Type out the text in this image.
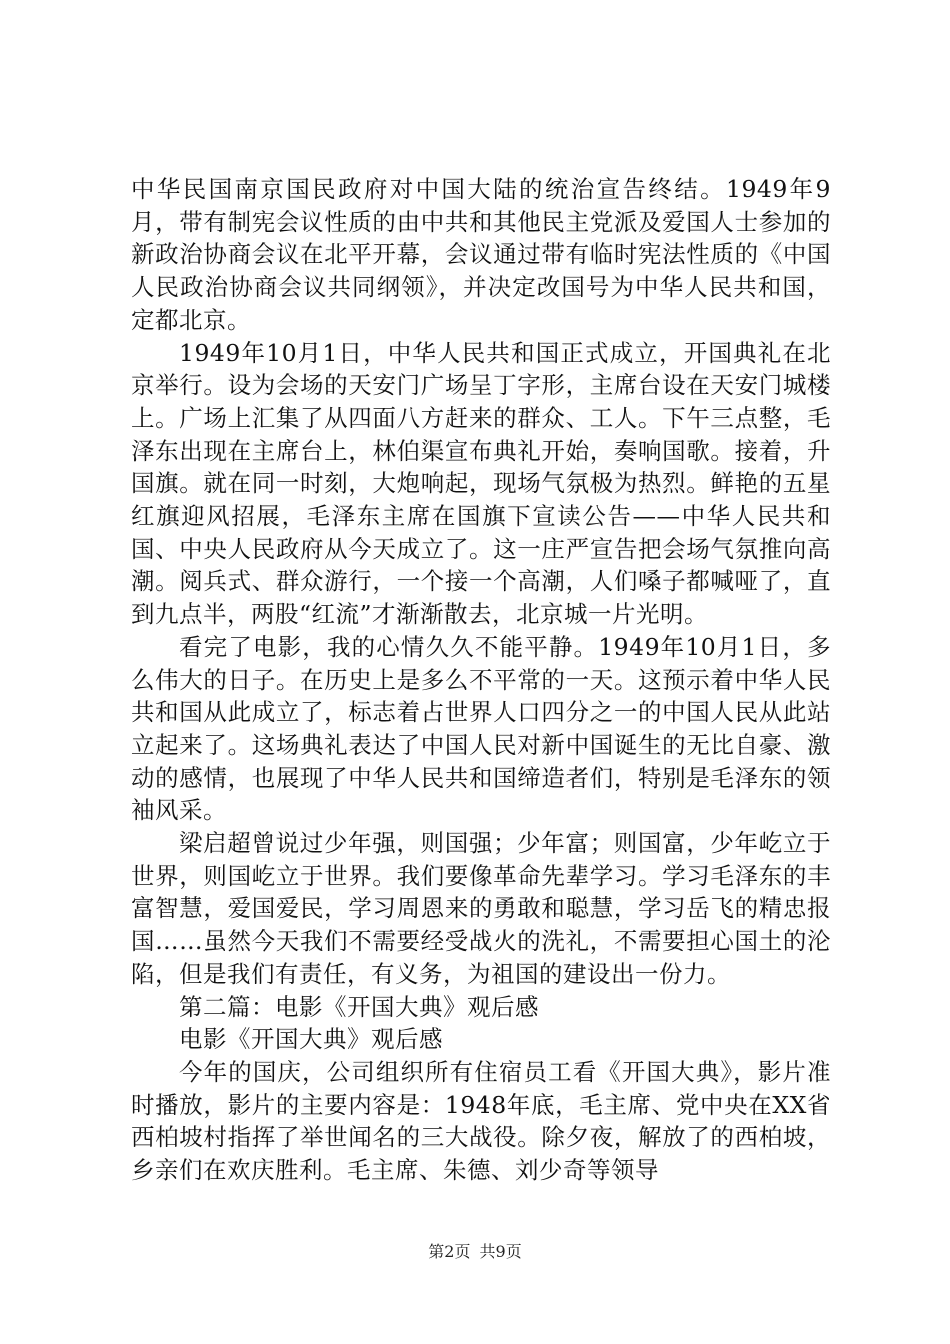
中华民国南京国民政府对中国大陆的统治宣告终结。1949年9月，带有制宪会议性质的由中共和其他民主党派及爱国人士参加的新政治协商会议在北平开幕，会议通过带有临时宪法性质的《中国人民政治协商会议共同纲领》，并决定改国号为中华人民共和国，定都北京。

1949年10月1日，中华人民共和国正式成立，开国典礼在北京举行。设为会场的天安门广场呈丁字形，主席台设在天安门城楼上。广场上汇集了从四面八方赶来的群众、工人。下午三点整，毛泽东出现在主席台上，林伯渠宣布典礼开始，奏响国歌。接着，升国旗。就在同一时刻，大炮响起，现场气氛极为热烈。鲜艳的五星红旗迎风招展，毛泽东主席在国旗下宣读公告——中华人民共和国、中央人民政府从今天成立了。这一庄严宣告把会场气氛推向高潮。阅兵式、群众游行，一个接一个高潮，人们嗓子都喊哑了，直到九点半，两股“红流”才渐渐散去，北京城一片光明。

看完了电影，我的心情久久不能平静。1949年10月1日，多么伟大的日子。在历史上是多么不平常的一天。这预示着中华人民共和国从此成立了，标志着占世界人口四分之一的中国人民从此站立起来了。这场典礼表达了中国人民对新中国诞生的无比自豪、激动的感情，也展现了中华人民共和国缔造者们，特别是毛泽东的领袖风采。

梁启超曾说过少年强，则国强；少年富；则国富，少年屹立于世界，则国屹立于世界。我们要像革命先辈学习。学习毛泽东的丰富智慧，爱国爱民，学习周恩来的勇敢和聪慧，学习岳飞的精忠报国……虽然今天我们不需要经受战火的洗礼，不需要担心国土的沦陷，但是我们有责任，有义务，为祖国的建设出一份力。

第二篇：电影《开国大典》观后感

电影《开国大典》观后感

今年的国庆，公司组织所有住宿员工看《开国大典》，影片准时播放，影片的主要内容是：1948年底，毛主席、党中央在XX省西柏坡村指挥了举世闻名的三大战役。除夕夜，解放了的西柏坡，乡亲们在欢庆胜利。毛主席、朱德、刘少奇等领导

第2页 共9页
